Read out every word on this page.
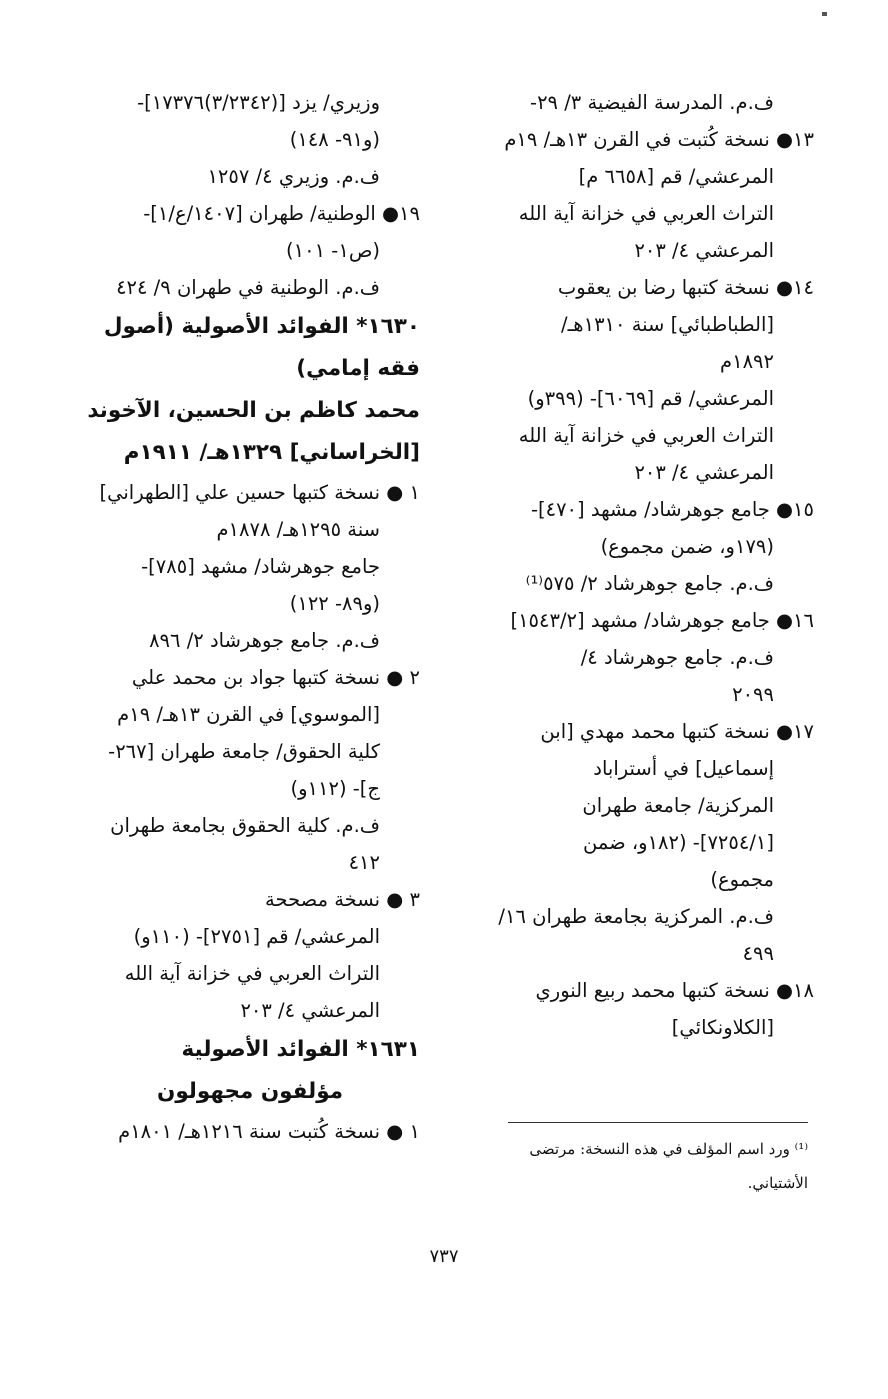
ف.م. المدرسة الفيضية ٣/ ٢٩-
١٣● نسخة كُتبت في القرن ١٣هـ/ ١٩م
المرعشي/ قم [٦٦٥٨ م]
التراث العربي في خزانة آية الله
المرعشي ٤/ ٢٠٣
١٤● نسخة كتبها رضا بن يعقوب
[الطباطبائي] سنة ١٣١٠هـ/
١٨٩٢م
المرعشي/ قم [٦٠٦٩]- (٣٩٩و)
التراث العربي في خزانة آية الله
المرعشي ٤/ ٢٠٣
١٥● جامع جوهرشاد/ مشهد [٤٧٠]-
(١٧٩و، ضمن مجموع)
ف.م. جامع جوهرشاد ٢/ ٥٧٥⁽¹⁾
١٦● جامع جوهرشاد/ مشهد [١٥٤٣/٢]
ف.م. جامع جوهرشاد ٤/
٢٠٩٩
١٧● نسخة كتبها محمد مهدي [ابن
إسماعيل] في أستراباد
المركزية/ جامعة طهران
[٧٢٥٤/١]- (١٨٢و، ضمن
مجموع)
ف.م. المركزية بجامعة طهران ١٦/
٤٩٩
١٨● نسخة كتبها محمد ربيع النوري
[الكلاونكائي]
وزيري/ يزد [(٣/٢٣٤٢)١٧٣٧٦]-
(و٩١- ١٤٨)
ف.م. وزيري ٤/ ١٢٥٧
١٩● الوطنية/ طهران [١٤٠٧/ع/١]-
(ص١- ١٠١)
ف.م. الوطنية في طهران ٩/ ٤٢٤
١٦٣٠* الفوائد الأصولية (أصول
فقه إمامي)
محمد كاظم بن الحسين، الآخوند
[الخراساني] ١٣٢٩هـ/ ١٩١١م
١ ● نسخة كتبها حسين علي [الطهراني]
سنة ١٢٩٥هـ/ ١٨٧٨م
جامع جوهرشاد/ مشهد [٧٨٥]-
(و٨٩- ١٢٢)
ف.م. جامع جوهرشاد ٢/ ٨٩٦
٢ ● نسخة كتبها جواد بن محمد علي
[الموسوي] في القرن ١٣هـ/ ١٩م
كلية الحقوق/ جامعة طهران [٢٦٧-
ج]- (١١٢و)
ف.م. كلية الحقوق بجامعة طهران
٤١٢
٣ ● نسخة مصححة
المرعشي/ قم [٢٧٥١]- (١١٠و)
التراث العربي في خزانة آية الله
المرعشي ٤/ ٢٠٣
١٦٣١* الفوائد الأصولية
مؤلفون مجهولون
١ ● نسخة كُتبت سنة ١٢١٦هـ/ ١٨٠١م
⁽¹⁾ ورد اسم المؤلف في هذه النسخة: مرتضى
الأشتياني.
٧٣٧
